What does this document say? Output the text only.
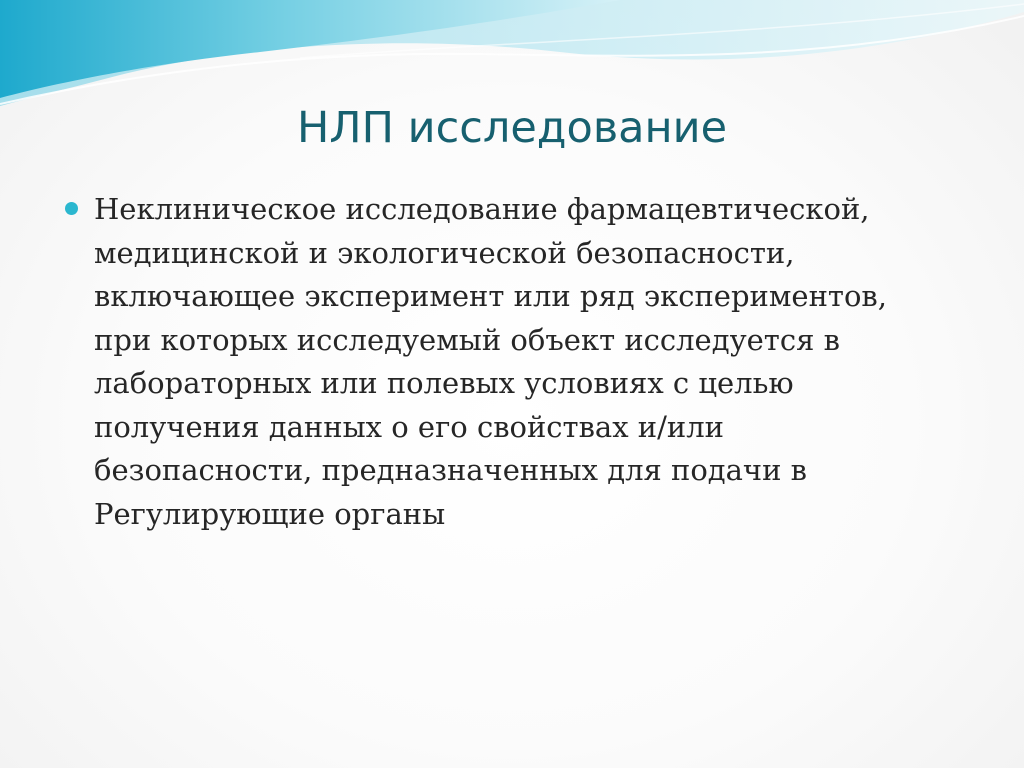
НЛП исследование
Неклиническое исследование фармацевтической,
медицинской и экологической безопасности,
включающее эксперимент или ряд экспериментов,
при которых исследуемый объект исследуется в
лабораторных или полевых условиях с целью
получения данных о его свойствах и/или
безопасности, предназначенных для подачи в
Регулирующие органы
